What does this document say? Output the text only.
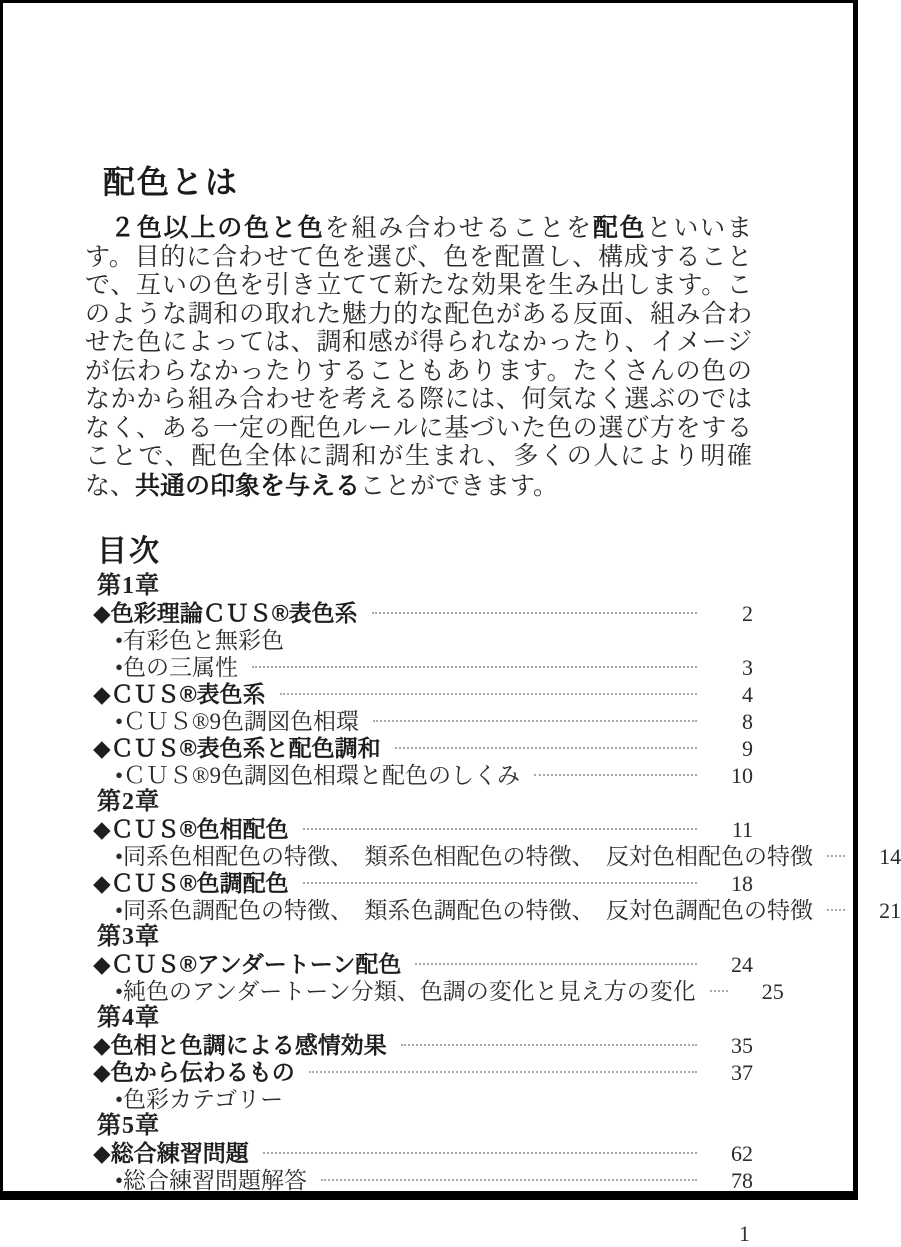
配色とは

２色以上の色と色を組み合わせることを配色といいます。目的に合わせて色を選び、色を配置し、構成することで、互いの色を引き立てて新たな効果を生み出します。このような調和の取れた魅力的な配色がある反面、組み合わせた色によっては、調和感が得られなかったり、イメージが伝わらなかったりすることもあります。たくさんの色のなかから組み合わせを考える際には、何気なく選ぶのではなく、ある一定の配色ルールに基づいた色の選び方をすることで、配色全体に調和が生まれ、多くの人により明確な、共通の印象を与えることができます。

目次
第1章
◆色彩理論ＣＵＳ®表色系	2
•有彩色と無彩色
•色の三属性	3
◆ＣＵＳ®表色系	4
•ＣＵＳ®9色調図色相環	8
◆ＣＵＳ®表色系と配色調和	9
•ＣＵＳ®9色調図色相環と配色のしくみ	10
第2章
◆ＣＵＳ®色相配色	11
•同系色相配色の特徴、　類系色相配色の特徴、　反対色相配色の特徴	14
◆ＣＵＳ®色調配色	18
•同系色調配色の特徴、　類系色調配色の特徴、　反対色調配色の特徴	21
第3章
◆ＣＵＳ®アンダートーン配色	24
•純色のアンダートーン分類、色調の変化と見え方の変化	25
第4章
◆色相と色調による感情効果	35
◆色から伝わるもの	37
•色彩カテゴリー
第5章
◆総合練習問題	62
•総合練習問題解答	78
1
